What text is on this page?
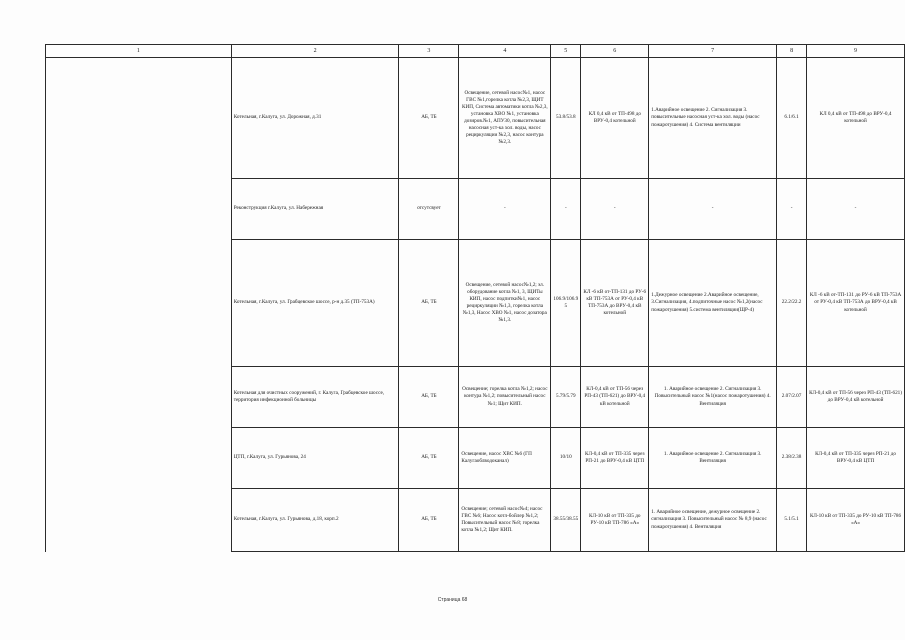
1	2	3	4	5	6	7	8	9
	Котельная, г.Калуга, ул. Дорожная, д.31	АБ, ТБ	Освещение, сетевой насос№1, насос ГВС №1,горелка котла №2,3, ЩИТ КИП, Система автоматики котла №2,3, установка ХВО №1, установка дозиров.№1, АПУ30, повысительная насосная уст-ка хол. воды, насос рециркуляции №2,3, насос контура №2,3.	53.8/53.8	КЛ 0,4 кВ от ТП-498 до ВРУ-0,4 котельной	1.Аварийное освещение 2. Сигнализация 3. повысительные насосная уст-ка хол. воды (насос пожаротушения) 4. Система вентиляции	6.1/6.1	КЛ 0,4 кВ от ТП-498 до ВРУ-0,4 котельной
	Реконструкция г.Калуга, ул. Набережная	отсутсвует	-	-	-	-	-	-
	Котельная, г.Калуга, ул. Грабцевское шоссе, р-н д.35 (ТП-753А)	АБ, ТБ	Освещение, сетевой насос№1,2; эл. оборудование котла №1, 3, ЩИТы КИП, насос подпитки№1, насос рециркуляции №1,3, горелка котла №1,3, Насос ХВО №1, насос дозатора №1,3.	106.9/106.9 5	КЛ -6 кВ от-ТП-131 до РУ-6 кВ ТП-753А от РУ-0,4 кВ ТП-753А до ВРУ-0,4 кВ котельной	1.Дежурное освещение 2.Аварийное освещение, 3.Сигнализация, 4.подпиточные насос №1,2(насос пожаротушения) 5.система вентиляции(ЩР-4)	22.2/22.2	КЛ -6 кВ от-ТП-131 до РУ-6 кВ ТП-753А от РУ-0,4 кВ ТП-753А до ВРУ-0,4 кВ котельной
	Котельная для очистных сооружений, г. Калуга, Грабцевское шоссе, территория инфекционной больницы	АБ, ТБ	Освещение; горелка котла №1,2; насос контура №1,2; повысительный насос №1; Щит КИП.	5.79/5.79	КЛ-0,4 кВ от ТП-56 через РП-43 (ТП-621) до ВРУ-0,4 кВ котельной	1. Аварийное освещение 2. Сигнализация 3. Повысительный насос №1(насос пожаротушения) 4. Вентиляция	2.07/2.07	КЛ-0,4 кВ от ТП-56 через РП-43 (ТП-621) до ВРУ-0,4 кВ котельной
	ЦТП, г.Калуга, ул. Гурьянова, 24	АБ, ТБ	Освещение, насос ХВС №6 (ГП Калугаоблводоканал)	10/10	КЛ-0,4 кВ от ТП-335 через РП-21 до ВРУ-0,4 кВ ЦТП	1. Аварийное освещение 2. Сигнализация 3. Вентиляция	2.38/2.38	КЛ-0,4 кВ от ТП-335 через РП-21 до ВРУ-0,4 кВ ЦТП
	Котельная, г.Калуга, ул. Гурьянова, д.18, корп.2	АБ, ТБ	Освещение; сетевой насос№4; насос ГВС №6; Насос котл-бойлер №1,2; Повысительный насос №8; горелка котла №1,2; Щит КИП.	38.55/38.55	КЛ-10 кВ от ТП-335 до РУ-10 кВ ТП-786 «А»	1. Аварийное освещение, дежурное освещение 2. сигнализация 3. Повысительный насос № 8,9 (насос пожаротушения) 4. Вентиляция	5.1/5.1	КЛ-10 кВ от ТП-335 до РУ-10 кВ ТП-786 «А»
Страница 68
